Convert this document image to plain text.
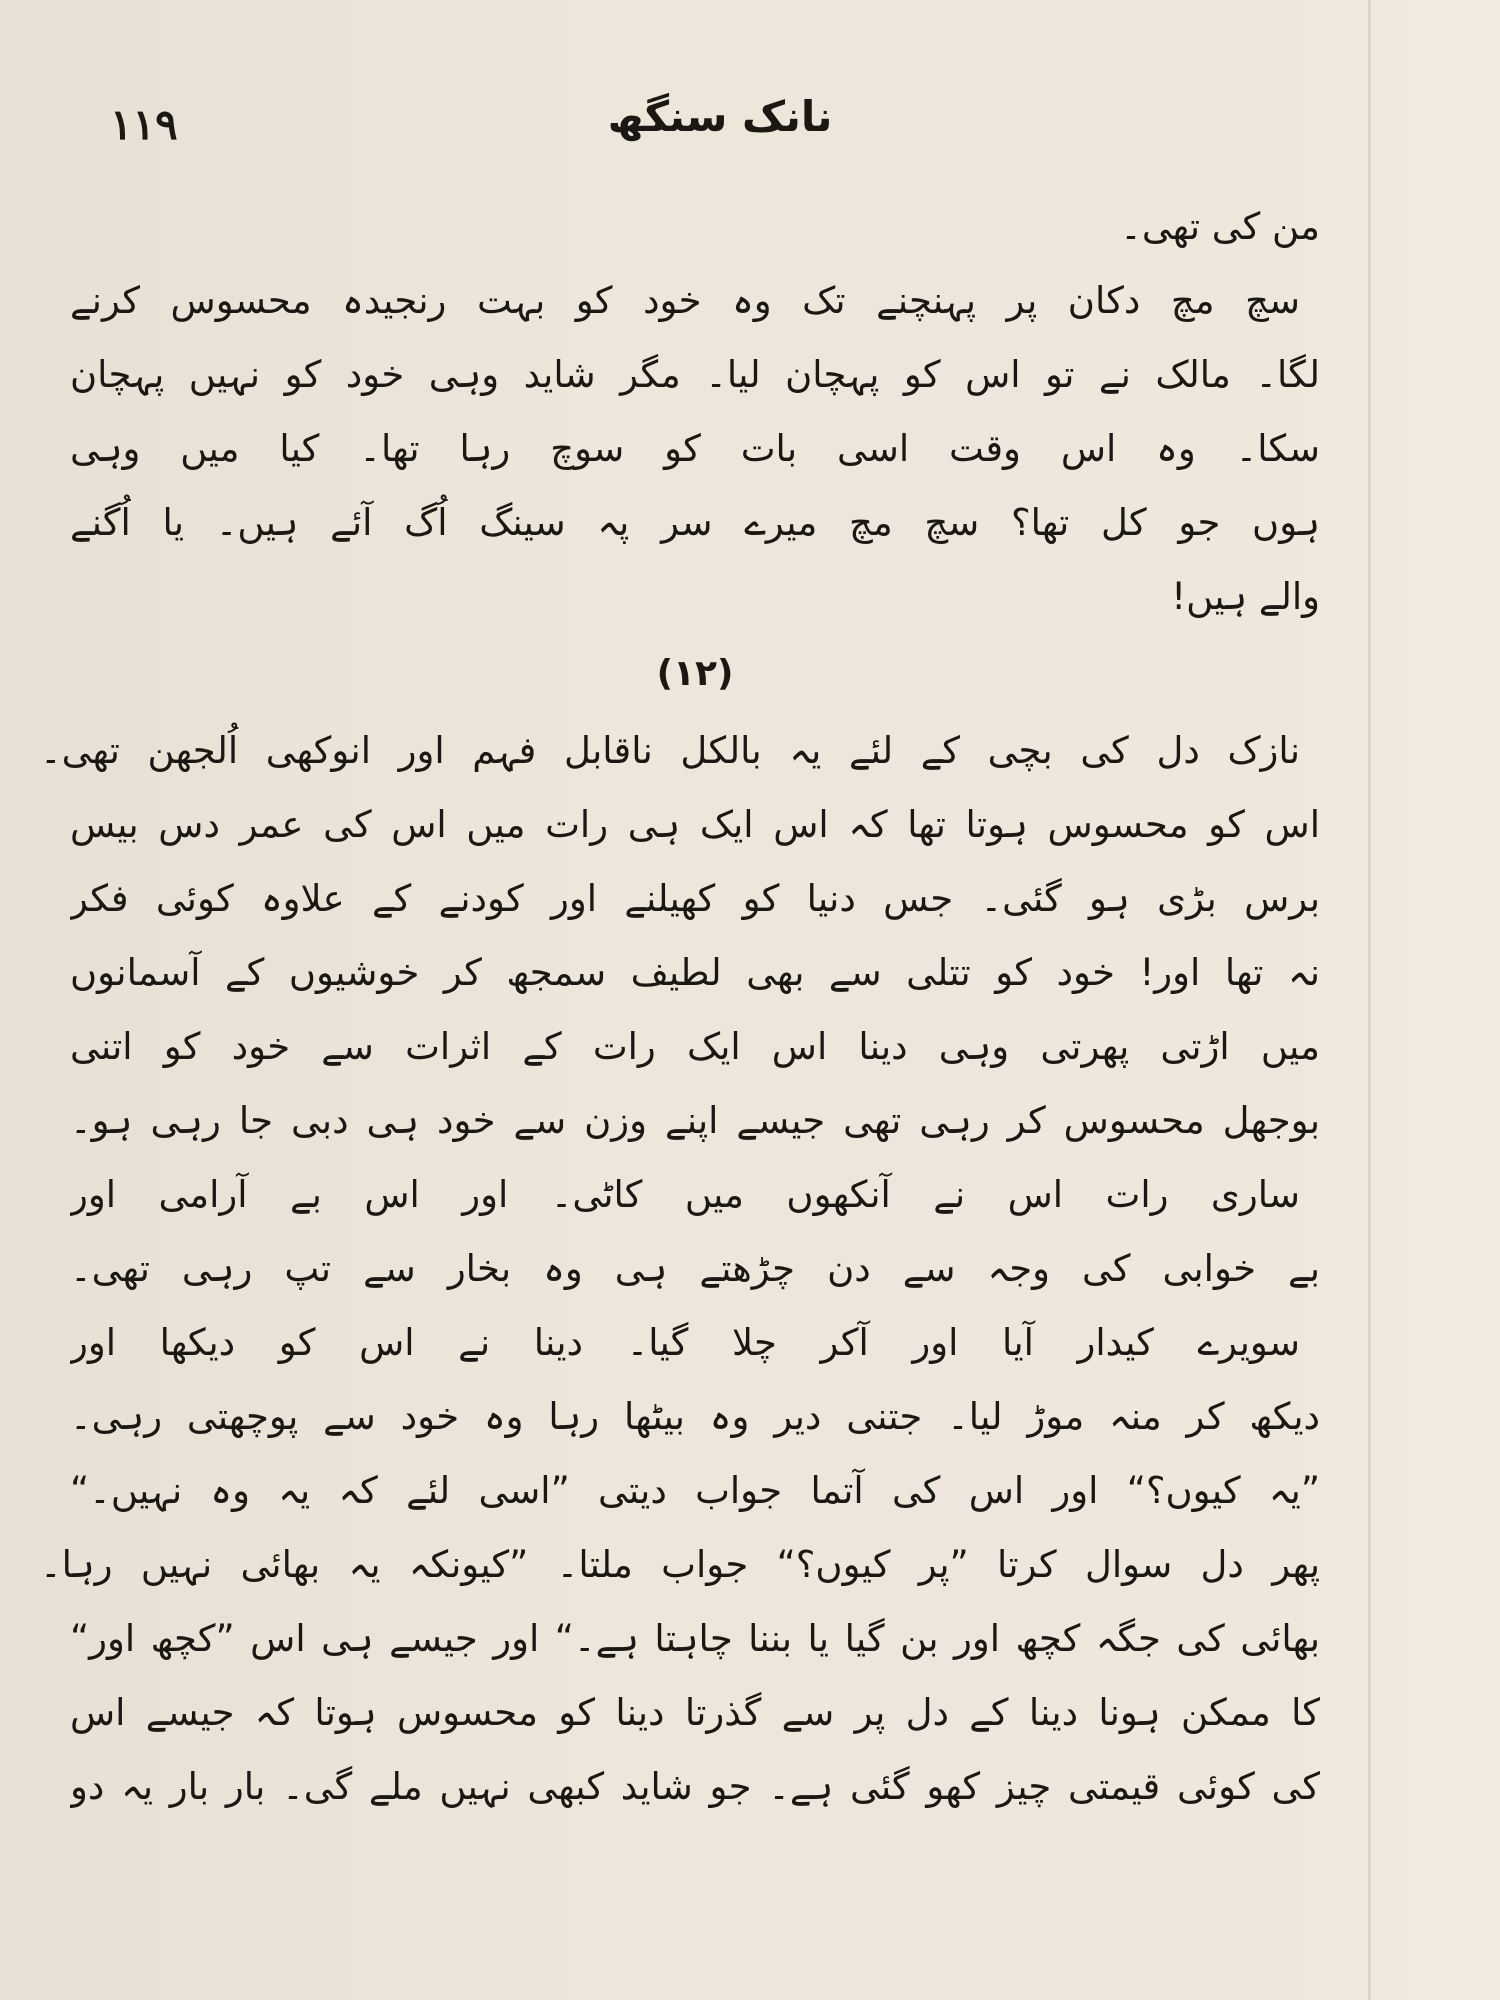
۱۱۹	نانک سنگھ
من کی تھی۔
سچ مچ دکان پر پہنچنے تک وہ خود کو بہت رنجیدہ محسوس کرنے
لگا۔ مالک نے تو اس کو پہچان لیا۔ مگر شاید وہی خود کو نہیں پہچان
سکا۔ وہ اس وقت اسی بات کو سوچ رہا تھا۔ کیا میں وہی
ہوں جو کل تھا؟ سچ مچ میرے سر پہ سینگ اُگ آئے ہیں۔ یا اُگنے
والے ہیں!
(۱۲)
نازک دل کی بچی کے لئے یہ بالکل ناقابل فہم اور انوکھی اُلجھن تھی۔
اس کو محسوس ہوتا تھا کہ اس ایک ہی رات میں اس کی عمر دس بیس
برس بڑی ہو گئی۔ جس دنیا کو کھیلنے اور کودنے کے علاوہ کوئی فکر
نہ تھا اور! خود کو تتلی سے بھی لطیف سمجھ کر خوشیوں کے آسمانوں
میں اڑتی پھرتی وہی دینا اس ایک رات کے اثرات سے خود کو اتنی
بوجھل محسوس کر رہی تھی جیسے اپنے وزن سے خود ہی دبی جا رہی ہو۔
ساری رات اس نے آنکھوں میں کاٹی۔ اور اس بے آرامی اور
بے خوابی کی وجہ سے دن چڑھتے ہی وہ بخار سے تپ رہی تھی۔
سویرے کیدار آیا اور آکر چلا گیا۔ دینا نے اس کو دیکھا اور
دیکھ کر منہ موڑ لیا۔ جتنی دیر وہ بیٹھا رہا وہ خود سے پوچھتی رہی۔
”یہ کیوں؟“ اور اس کی آتما جواب دیتی ”اسی لئے کہ یہ وہ نہیں۔“
پھر دل سوال کرتا ”پر کیوں؟“ جواب ملتا۔ ”کیونکہ یہ بھائی نہیں رہا۔
بھائی کی جگہ کچھ اور بن گیا یا بننا چاہتا ہے۔“ اور جیسے ہی اس ”کچھ اور“
کا ممکن ہونا دینا کے دل پر سے گذرتا دینا کو محسوس ہوتا کہ جیسے اس
کی کوئی قیمتی چیز کھو گئی ہے۔ جو شاید کبھی نہیں ملے گی۔ بار بار یہ دو
